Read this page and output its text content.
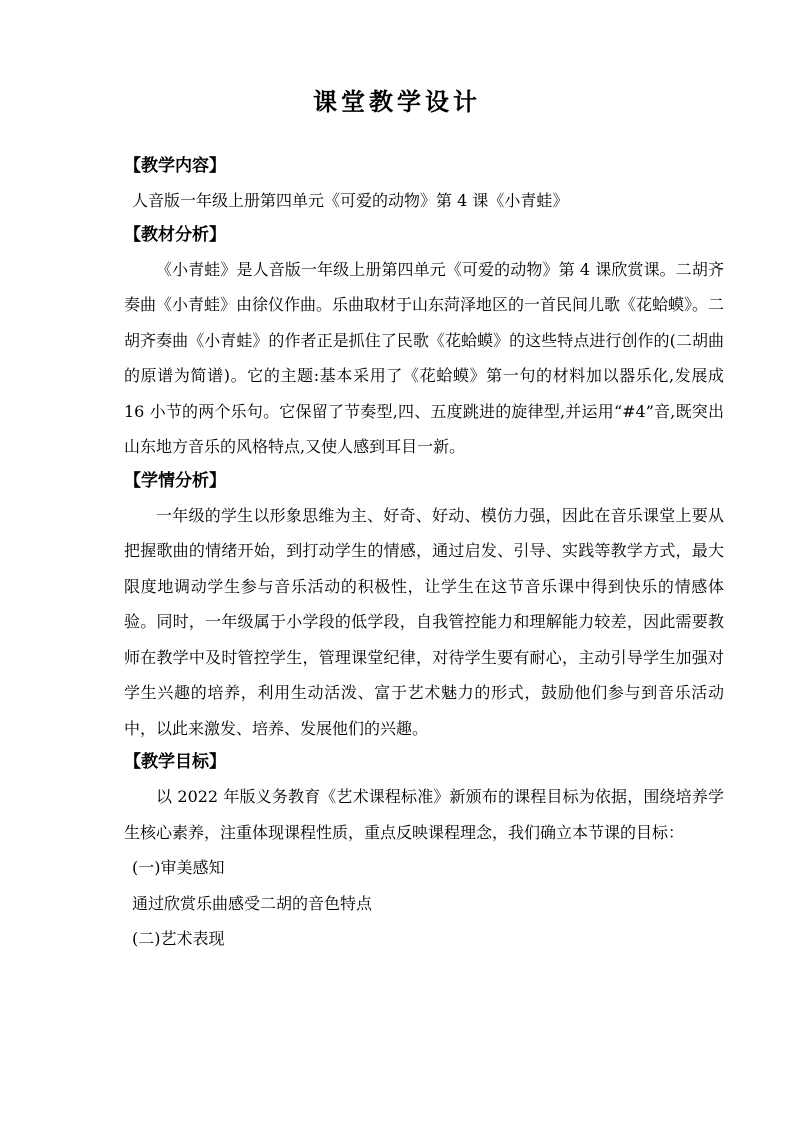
课堂教学设计
【教学内容】
人音版一年级上册第四单元《可爱的动物》第 4 课《小青蛙》
【教材分析】
《小青蛙》是人音版一年级上册第四单元《可爱的动物》第 4 课欣赏课。二胡齐奏曲《小青蛙》由徐仪作曲。乐曲取材于山东菏泽地区的一首民间儿歌《花蛤蟆》。二胡齐奏曲《小青蛙》的作者正是抓住了民歌《花蛤蟆》的这些特点进行创作的(二胡曲的原谱为简谱)。它的主题:基本采用了《花蛤蟆》第一句的材料加以器乐化,发展成 16 小节的两个乐句。它保留了节奏型,四、五度跳进的旋律型,并运用“#4”音,既突出山东地方音乐的风格特点,又使人感到耳目一新。
【学情分析】
一年级的学生以形象思维为主、好奇、好动、模仿力强，因此在音乐课堂上要从把握歌曲的情绪开始，到打动学生的情感，通过启发、引导、实践等教学方式，最大限度地调动学生参与音乐活动的积极性，让学生在这节音乐课中得到快乐的情感体验。同时，一年级属于小学段的低学段，自我管控能力和理解能力较差，因此需要教师在教学中及时管控学生，管理课堂纪律，对待学生要有耐心，主动引导学生加强对学生兴趣的培养，利用生动活泼、富于艺术魅力的形式，鼓励他们参与到音乐活动中，以此来激发、培养、发展他们的兴趣。
【教学目标】
以 2022 年版义务教育《艺术课程标准》新颁布的课程目标为依据，围绕培养学生核心素养，注重体现课程性质，重点反映课程理念，我们确立本节课的目标：
(一)审美感知
通过欣赏乐曲感受二胡的音色特点
(二)艺术表现
